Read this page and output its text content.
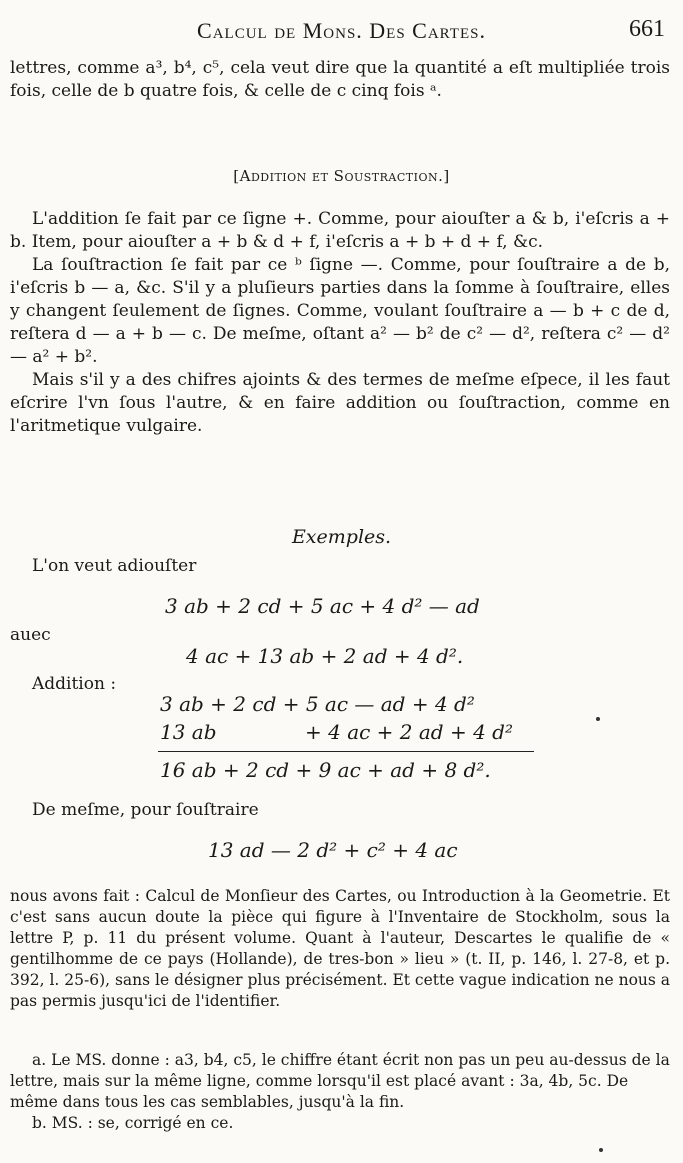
Calcul de Mons. Des Cartes.	661

lettres, comme a³, b⁴, c⁵, cela veut dire que la quantité a eſt multipliée trois fois, celle de b quatre fois, & celle de c cinq fois ᵃ.

[Addition et Soustraction.]

L'addition ſe fait par ce ſigne +. Comme, pour aiouſter a & b, i'eſcris a + b. Item, pour aiouſter a + b & d + f, i'eſcris a + b + d + f, &c.

La ſouſtraction ſe fait par ce ᵇ ſigne —. Comme, pour ſouſtraire a de b, i'eſcris b — a, &c. S'il y a pluſieurs parties dans la ſomme à ſouſtraire, elles y changent ſeulement de ſignes. Comme, voulant ſouſtraire a — b + c de d, reſtera d — a + b — c. De meſme, oſtant a² — b² de c² — d², reſtera c² — d² — a² + b².

Mais s'il y a des chifres ajoints & des termes de meſme eſpece, il les faut eſcrire l'vn ſous l'autre, & en faire addition ou ſouſtraction, comme en l'aritmetique vulgaire.

Exemples.
L'on veut adiouſter
3 ab + 2 cd + 5 ac + 4 d² — ad
auec
4 ac + 13 ab + 2 ad + 4 d².
Addition :
3 ab + 2 cd + 5 ac — ad + 4 d²
13 ab	+ 4 ac + 2 ad + 4 d²
16 ab + 2 cd + 9 ac + ad + 8 d².
De meſme, pour ſouſtraire
13 ad — 2 d² + c² + 4 ac

nous avons fait : Calcul de Monſieur des Cartes, ou Introduction à la Geometrie. Et c'est sans aucun doute la pièce qui figure à l'Inventaire de Stockholm, sous la lettre P, p. 11 du présent volume. Quant à l'auteur, Descartes le qualifie de « gentilhomme de ce pays (Hollande), de tres-bon » lieu » (t. II, p. 146, l. 27-8, et p. 392, l. 25-6), sans le désigner plus précisément. Et cette vague indication ne nous a pas permis jusqu'ici de l'identifier.

a. Le MS. donne : a3, b4, c5, le chiffre étant écrit non pas un peu au-dessus de la lettre, mais sur la même ligne, comme lorsqu'il est placé avant : 3a, 4b, 5c. De même dans tous les cas semblables, jusqu'à la fin.

b. MS. : se, corrigé en ce.
